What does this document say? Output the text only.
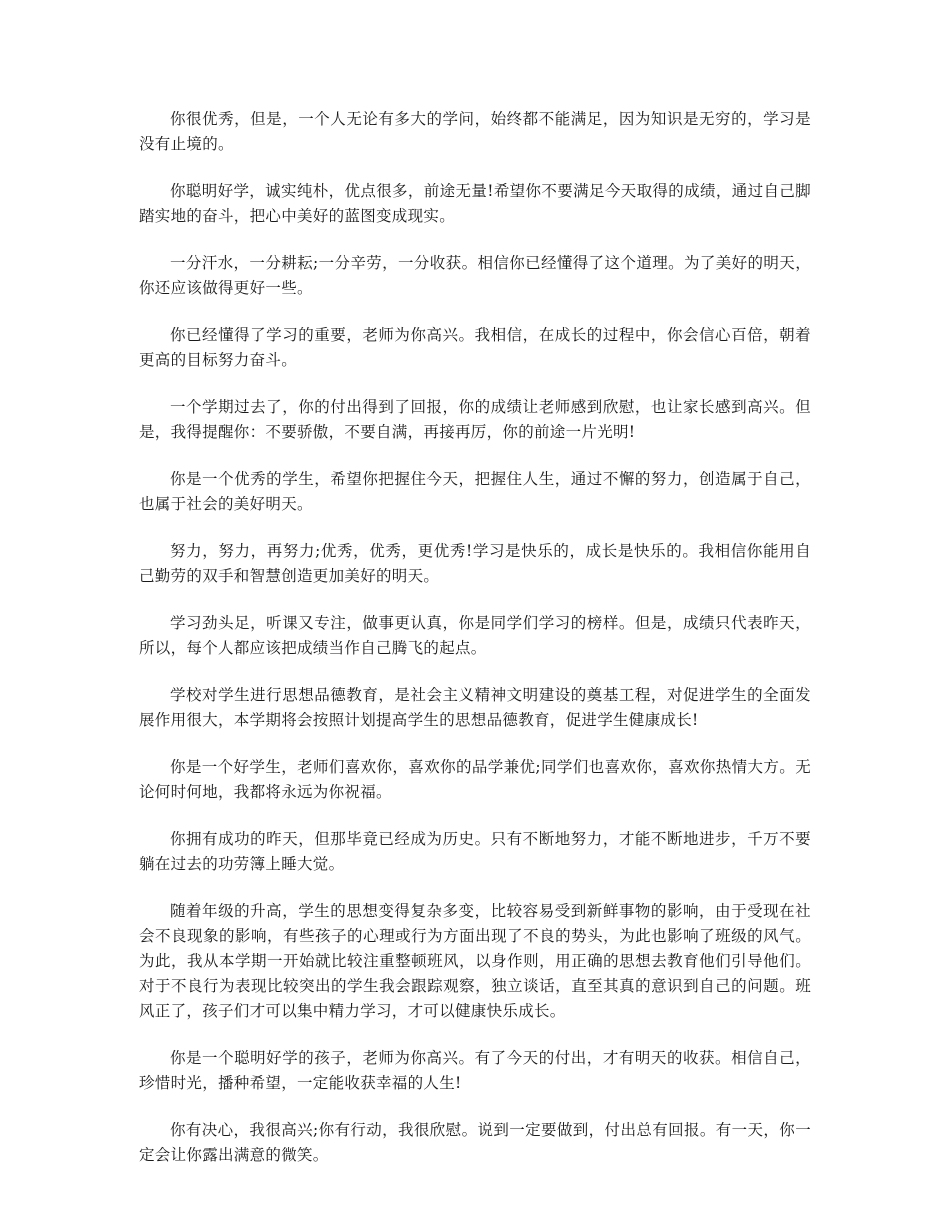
你很优秀，但是，一个人无论有多大的学问，始终都不能满足，因为知识是无穷的，学习是没有止境的。

你聪明好学，诚实纯朴，优点很多，前途无量!希望你不要满足今天取得的成绩，通过自己脚踏实地的奋斗，把心中美好的蓝图变成现实。

一分汗水，一分耕耘;一分辛劳，一分收获。相信你已经懂得了这个道理。为了美好的明天，你还应该做得更好一些。

你已经懂得了学习的重要，老师为你高兴。我相信，在成长的过程中，你会信心百倍，朝着更高的目标努力奋斗。

一个学期过去了，你的付出得到了回报，你的成绩让老师感到欣慰，也让家长感到高兴。但是，我得提醒你：不要骄傲，不要自满，再接再厉，你的前途一片光明!

你是一个优秀的学生，希望你把握住今天，把握住人生，通过不懈的努力，创造属于自己，也属于社会的美好明天。

努力，努力，再努力;优秀，优秀，更优秀!学习是快乐的，成长是快乐的。我相信你能用自己勤劳的双手和智慧创造更加美好的明天。

学习劲头足，听课又专注，做事更认真，你是同学们学习的榜样。但是，成绩只代表昨天，所以，每个人都应该把成绩当作自己腾飞的起点。

学校对学生进行思想品德教育，是社会主义精神文明建设的奠基工程，对促进学生的全面发展作用很大，本学期将会按照计划提高学生的思想品德教育，促进学生健康成长!

你是一个好学生，老师们喜欢你，喜欢你的品学兼优;同学们也喜欢你，喜欢你热情大方。无论何时何地，我都将永远为你祝福。

你拥有成功的昨天，但那毕竟已经成为历史。只有不断地努力，才能不断地进步，千万不要躺在过去的功劳簿上睡大觉。

随着年级的升高，学生的思想变得复杂多变，比较容易受到新鲜事物的影响，由于受现在社会不良现象的影响，有些孩子的心理或行为方面出现了不良的势头，为此也影响了班级的风气。为此，我从本学期一开始就比较注重整顿班风，以身作则，用正确的思想去教育他们引导他们。对于不良行为表现比较突出的学生我会跟踪观察，独立谈话，直至其真的意识到自己的问题。班风正了，孩子们才可以集中精力学习，才可以健康快乐成长。

你是一个聪明好学的孩子，老师为你高兴。有了今天的付出，才有明天的收获。相信自己，珍惜时光，播种希望，一定能收获幸福的人生!

你有决心，我很高兴;你有行动，我很欣慰。说到一定要做到，付出总有回报。有一天，你一定会让你露出满意的微笑。
